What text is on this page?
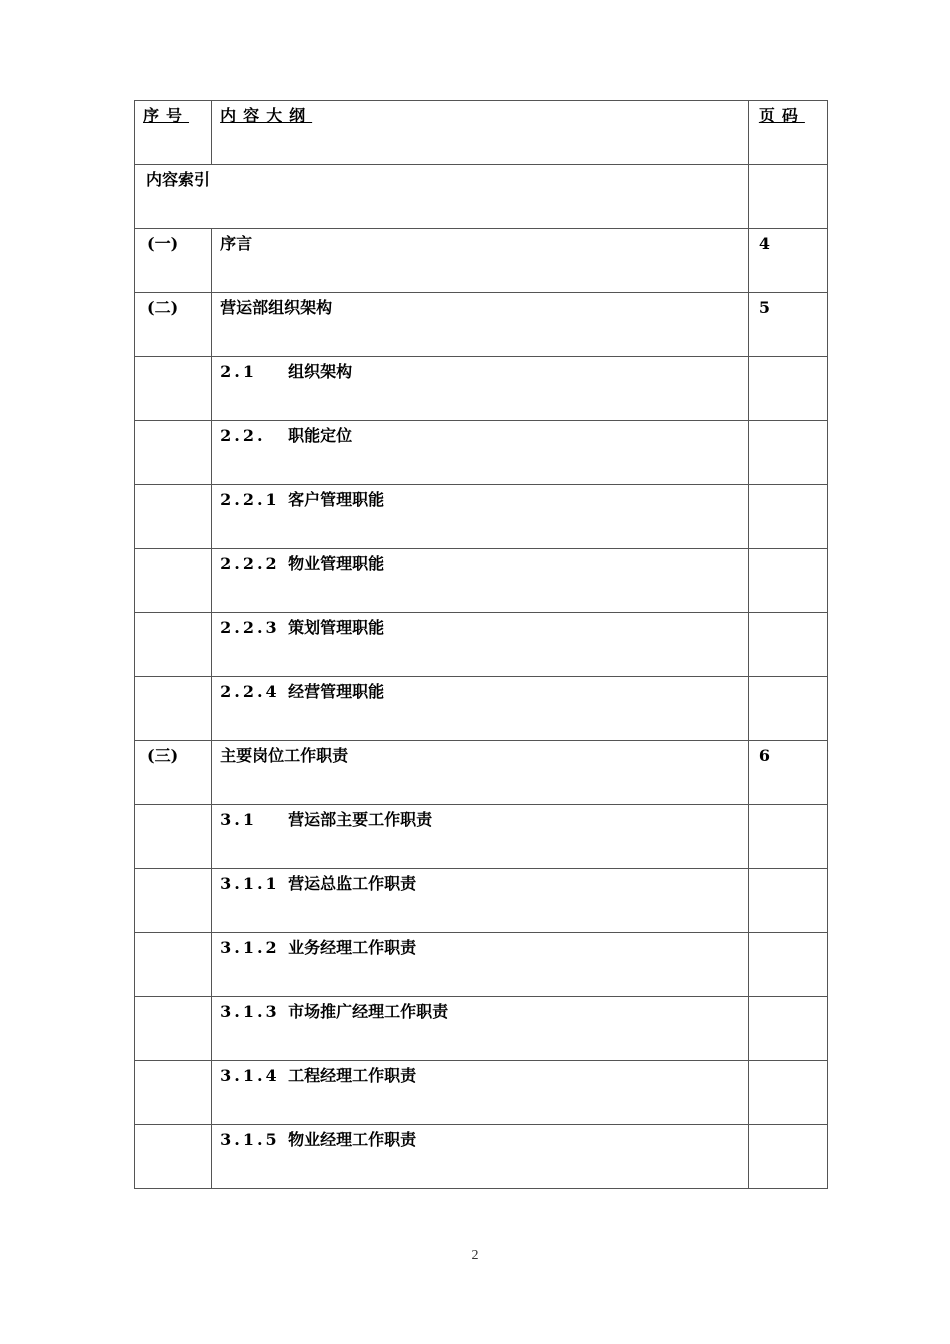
序号	内容大纲	页码

内容索引		

(一)	序言	4

(二)	营运部组织架构	5

	2.1 组织架构	

	2.2. 职能定位	

	2.2.1 客户管理职能	

	2.2.2 物业管理职能	

	2.2.3 策划管理职能	

	2.2.4 经营管理职能	

(三)	主要岗位工作职责	6

	3.1 营运部主要工作职责	

	3.1.1 营运总监工作职责	

	3.1.2 业务经理工作职责	

	3.1.3 市场推广经理工作职责	

	3.1.4 工程经理工作职责	

	3.1.5 物业经理工作职责	

2
